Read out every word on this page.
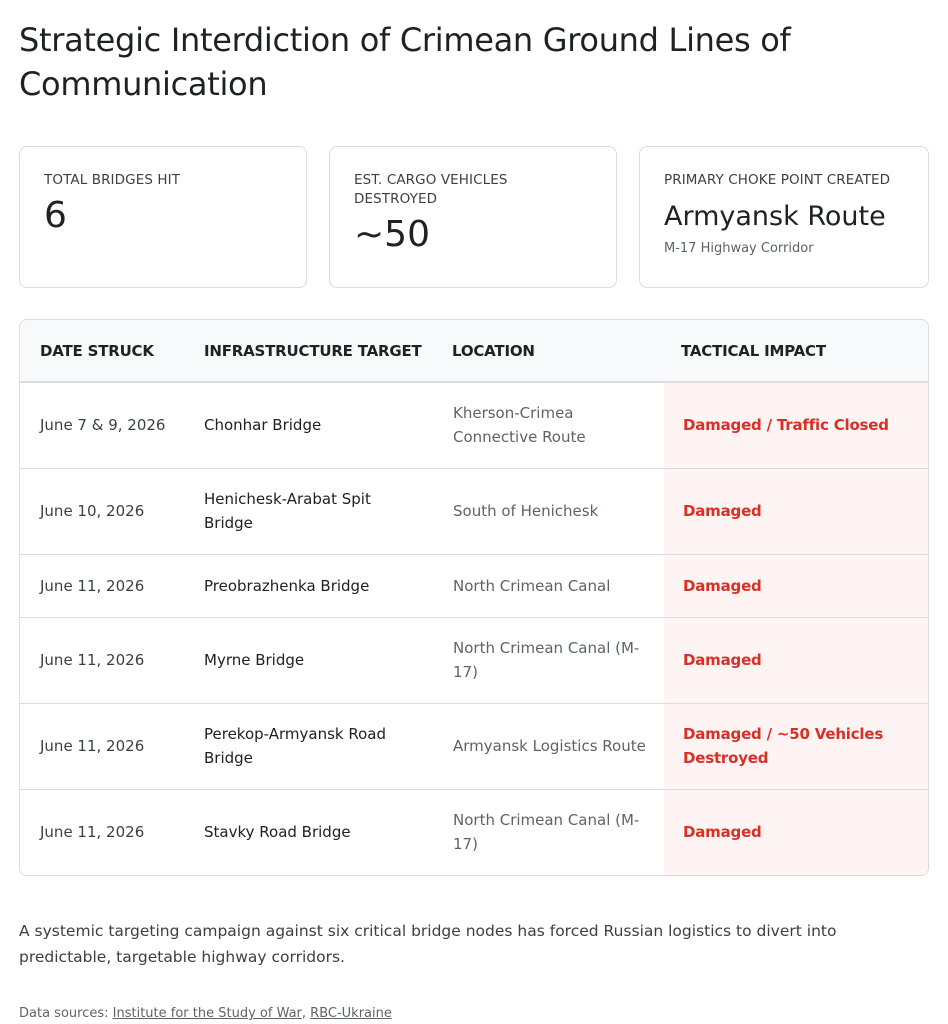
Strategic Interdiction of Crimean Ground Lines of Communication
TOTAL BRIDGES HIT
6
EST. CARGO VEHICLES DESTROYED
~50
PRIMARY CHOKE POINT CREATED
Armyansk Route
M-17 Highway Corridor
DATE STRUCK	INFRASTRUCTURE TARGET	LOCATION	TACTICAL IMPACT
June 7 & 9, 2026	Chonhar Bridge	Kherson-Crimea Connective Route	Damaged / Traffic Closed
June 10, 2026	Henichesk-Arabat Spit Bridge	South of Henichesk	Damaged
June 11, 2026	Preobrazhenka Bridge	North Crimean Canal	Damaged
June 11, 2026	Myrne Bridge	North Crimean Canal (M-17)	Damaged
June 11, 2026	Perekop-Armyansk Road Bridge	Armyansk Logistics Route	Damaged / ~50 Vehicles Destroyed
June 11, 2026	Stavky Road Bridge	North Crimean Canal (M-17)	Damaged

A systemic targeting campaign against six critical bridge nodes has forced Russian logistics to divert into predictable, targetable highway corridors.

Data sources: Institute for the Study of War, RBC-Ukraine
